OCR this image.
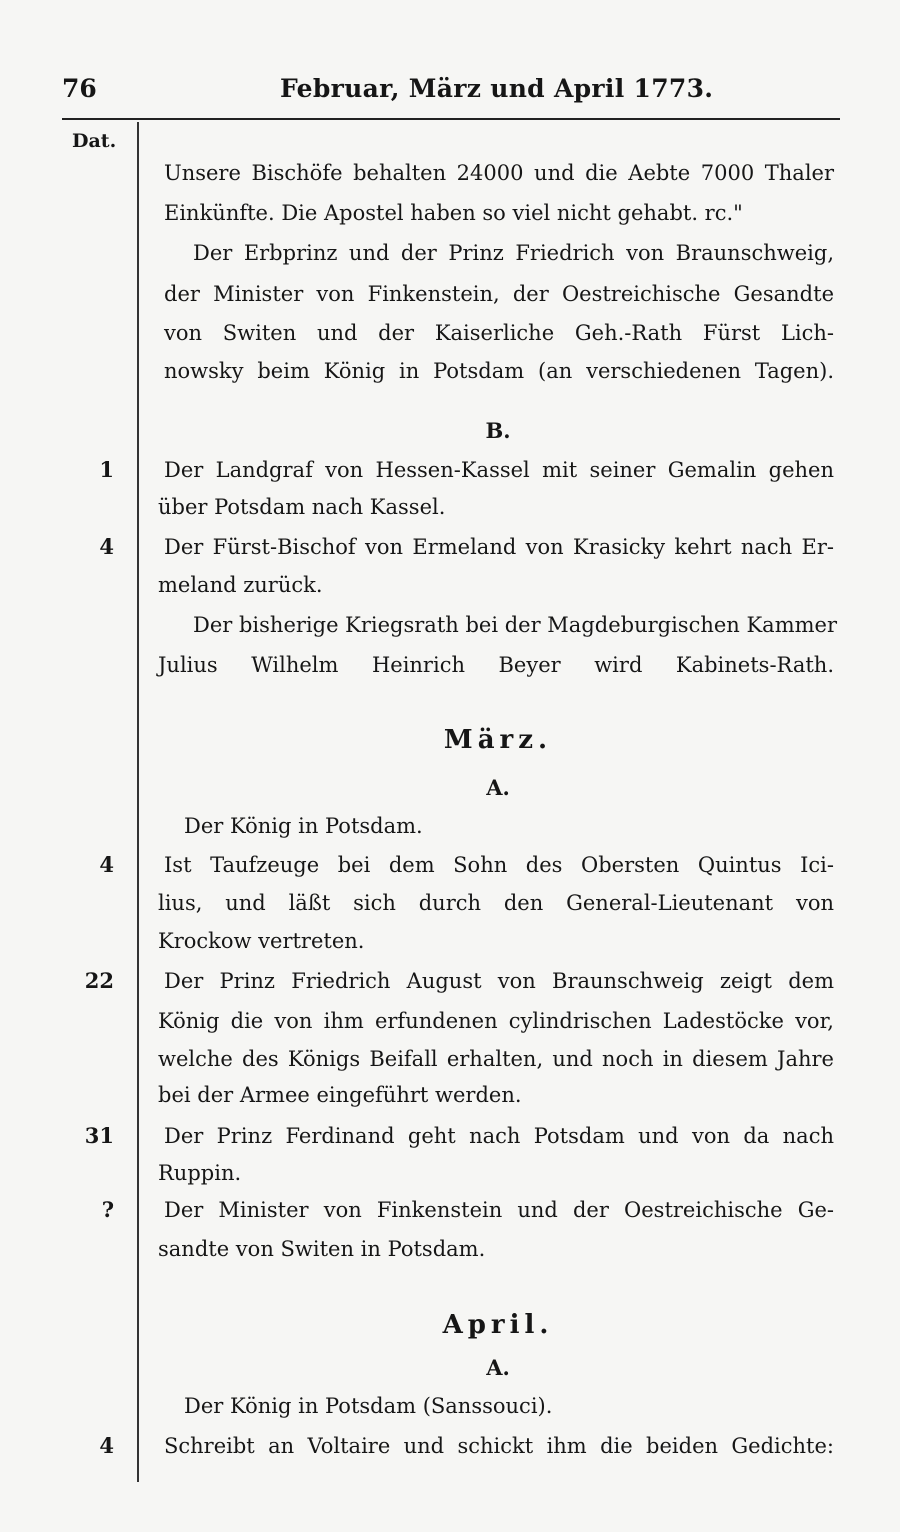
76	Februar, März und April 1773.
Dat.
Unsere Bischöfe behalten 24000 und die Aebte 7000 Thaler
Einkünfte. Die Apostel haben so viel nicht gehabt. rc."
Der Erbprinz und der Prinz Friedrich von Braunschweig,
der Minister von Finkenstein, der Oestreichische Gesandte
von Switen und der Kaiserliche Geh.-Rath Fürst Lich-
nowsky beim König in Potsdam (an verschiedenen Tagen).
B.
1 Der Landgraf von Hessen-Kassel mit seiner Gemalin gehen
über Potsdam nach Kassel.
4 Der Fürst-Bischof von Ermeland von Krasicky kehrt nach Er-
meland zurück.
Der bisherige Kriegsrath bei der Magdeburgischen Kammer
Julius Wilhelm Heinrich Beyer wird Kabinets-Rath.
März.
A.
Der König in Potsdam.
4 Ist Taufzeuge bei dem Sohn des Obersten Quintus Ici-
lius, und läßt sich durch den General-Lieutenant von
Krockow vertreten.
22 Der Prinz Friedrich August von Braunschweig zeigt dem
König die von ihm erfundenen cylindrischen Ladestöcke vor,
welche des Königs Beifall erhalten, und noch in diesem Jahre
bei der Armee eingeführt werden.
31 Der Prinz Ferdinand geht nach Potsdam und von da nach
Ruppin.
? Der Minister von Finkenstein und der Oestreichische Ge-
sandte von Switen in Potsdam.
April.
A.
Der König in Potsdam (Sanssouci).
4 Schreibt an Voltaire und schickt ihm die beiden Gedichte:
